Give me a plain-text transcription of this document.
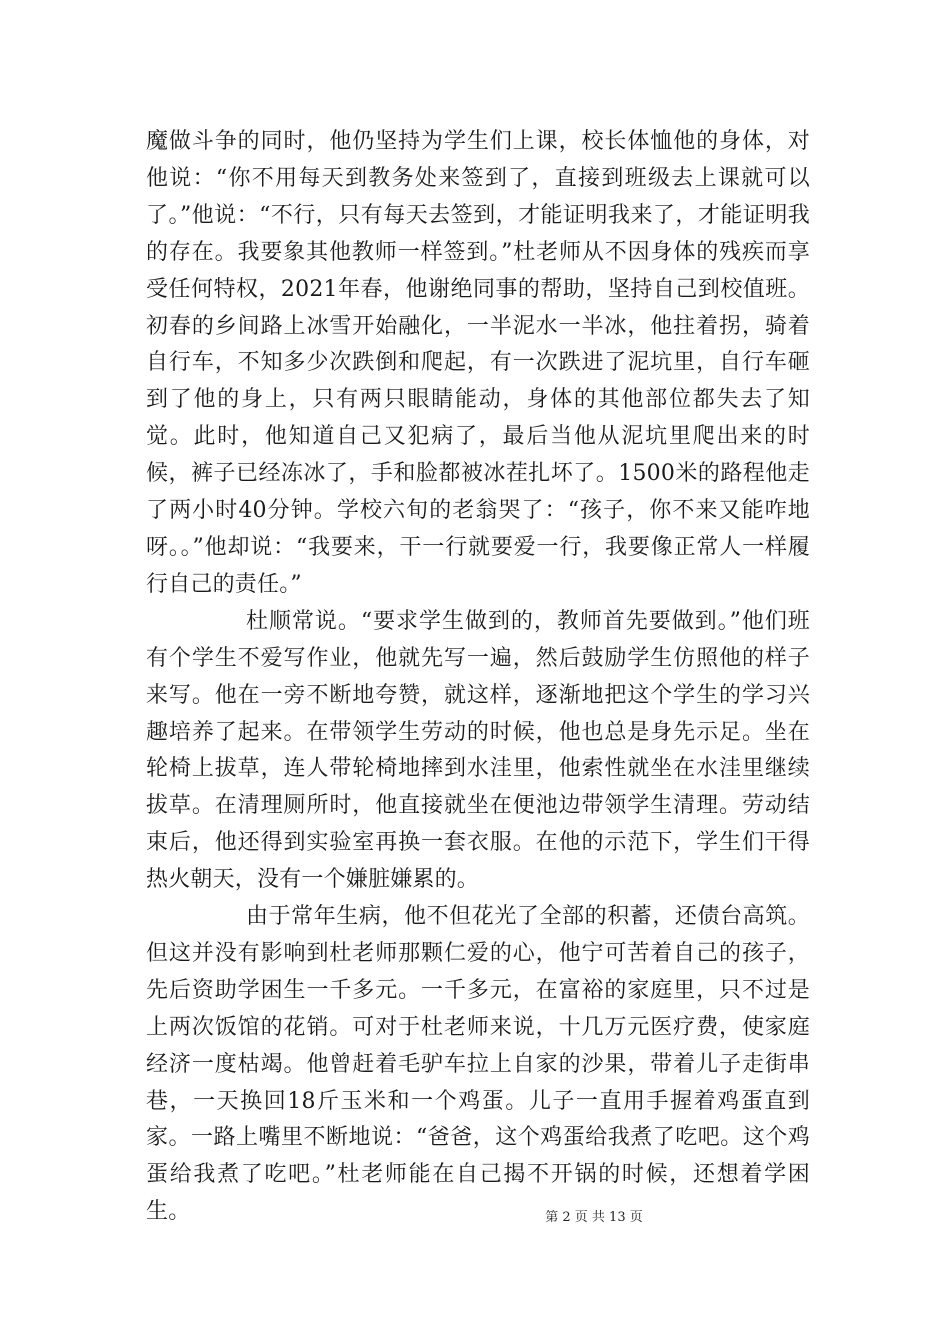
魔做斗争的同时，他仍坚持为学生们上课，校长体恤他的身体，对他说：“你不用每天到教务处来签到了，直接到班级去上课就可以了。”他说：“不行，只有每天去签到，才能证明我来了，才能证明我的存在。我要象其他教师一样签到。”杜老师从不因身体的残疾而享受任何特权，2021年春，他谢绝同事的帮助，坚持自己到校值班。初春的乡间路上冰雪开始融化，一半泥水一半冰，他拄着拐，骑着自行车，不知多少次跌倒和爬起，有一次跌进了泥坑里，自行车砸到了他的身上，只有两只眼睛能动，身体的其他部位都失去了知觉。此时，他知道自己又犯病了，最后当他从泥坑里爬出来的时候，裤子已经冻冰了，手和脸都被冰茬扎坏了。1500米的路程他走了两小时40分钟。学校六旬的老翁哭了：“孩子，你不来又能咋地呀。。”他却说：“我要来，干一行就要爱一行，我要像正常人一样履行自己的责任。”

杜顺常说。“要求学生做到的，教师首先要做到。”他们班有个学生不爱写作业，他就先写一遍，然后鼓励学生仿照他的样子来写。他在一旁不断地夸赞，就这样，逐渐地把这个学生的学习兴趣培养了起来。在带领学生劳动的时候，他也总是身先示足。坐在轮椅上拔草，连人带轮椅地摔到水洼里，他索性就坐在水洼里继续拔草。在清理厕所时，他直接就坐在便池边带领学生清理。劳动结束后，他还得到实验室再换一套衣服。在他的示范下，学生们干得热火朝天，没有一个嫌脏嫌累的。

由于常年生病，他不但花光了全部的积蓄，还债台高筑。但这并没有影响到杜老师那颗仁爱的心，他宁可苦着自己的孩子，先后资助学困生一千多元。一千多元，在富裕的家庭里，只不过是上两次饭馆的花销。可对于杜老师来说，十几万元医疗费，使家庭经济一度枯竭。他曾赶着毛驴车拉上自家的沙果，带着儿子走街串巷，一天换回18斤玉米和一个鸡蛋。儿子一直用手握着鸡蛋直到家。一路上嘴里不断地说：“爸爸，这个鸡蛋给我煮了吃吧。这个鸡蛋给我煮了吃吧。”杜老师能在自己揭不开锅的时候，还想着学困生。	第 2 页 共 13 页
